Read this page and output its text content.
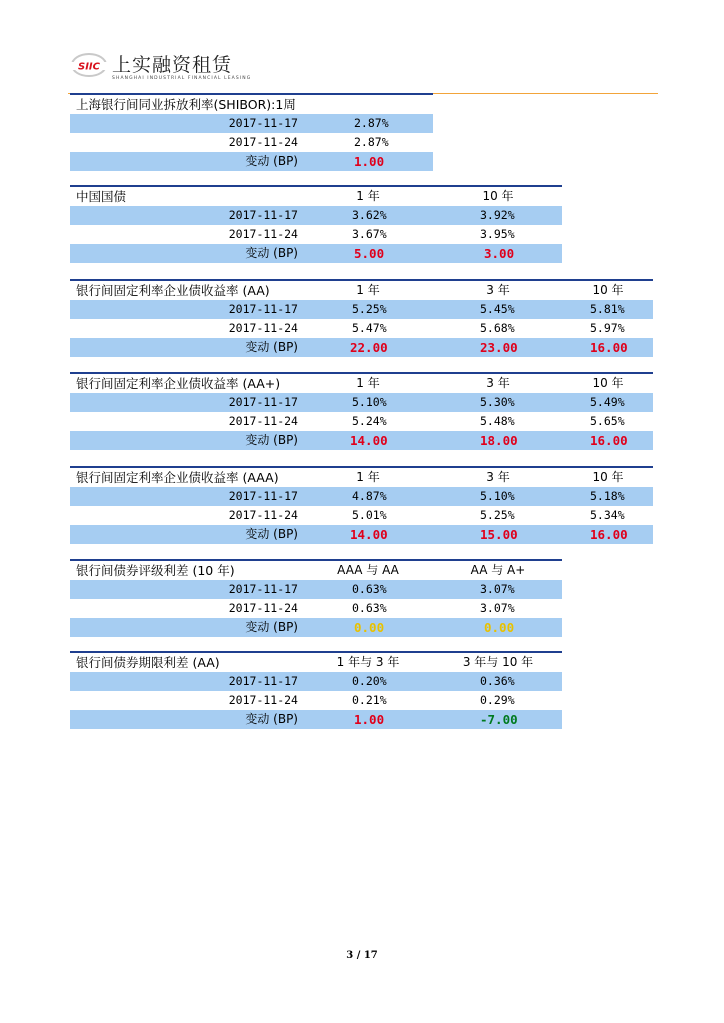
SIIC 上实融资租赁
SHANGHAI INDUSTRIAL FINANCIAL LEASING
上海银行间同业拆放利率(SHIBOR):1周
2017-11-17	2.87%
2017-11-24	2.87%
变动 (BP)	1.00
中国国债	1 年	10 年
2017-11-17	3.62%	3.92%
2017-11-24	3.67%	3.95%
变动 (BP)	5.00	3.00
银行间固定利率企业债收益率 (AA)	1 年	3 年	10 年
2017-11-17	5.25%	5.45%	5.81%
2017-11-24	5.47%	5.68%	5.97%
变动 (BP)	22.00	23.00	16.00
银行间固定利率企业债收益率 (AA+)	1 年	3 年	10 年
2017-11-17	5.10%	5.30%	5.49%
2017-11-24	5.24%	5.48%	5.65%
变动 (BP)	14.00	18.00	16.00
银行间固定利率企业债收益率 (AAA)	1 年	3 年	10 年
2017-11-17	4.87%	5.10%	5.18%
2017-11-24	5.01%	5.25%	5.34%
变动 (BP)	14.00	15.00	16.00
银行间债券评级利差 (10 年)	AAA 与 AA	AA 与 A+
2017-11-17	0.63%	3.07%
2017-11-24	0.63%	3.07%
变动 (BP)	0.00	0.00
银行间债券期限利差 (AA)	1 年与 3 年	3 年与 10 年
2017-11-17	0.20%	0.36%
2017-11-24	0.21%	0.29%
变动 (BP)	1.00	-7.00
3 / 17
